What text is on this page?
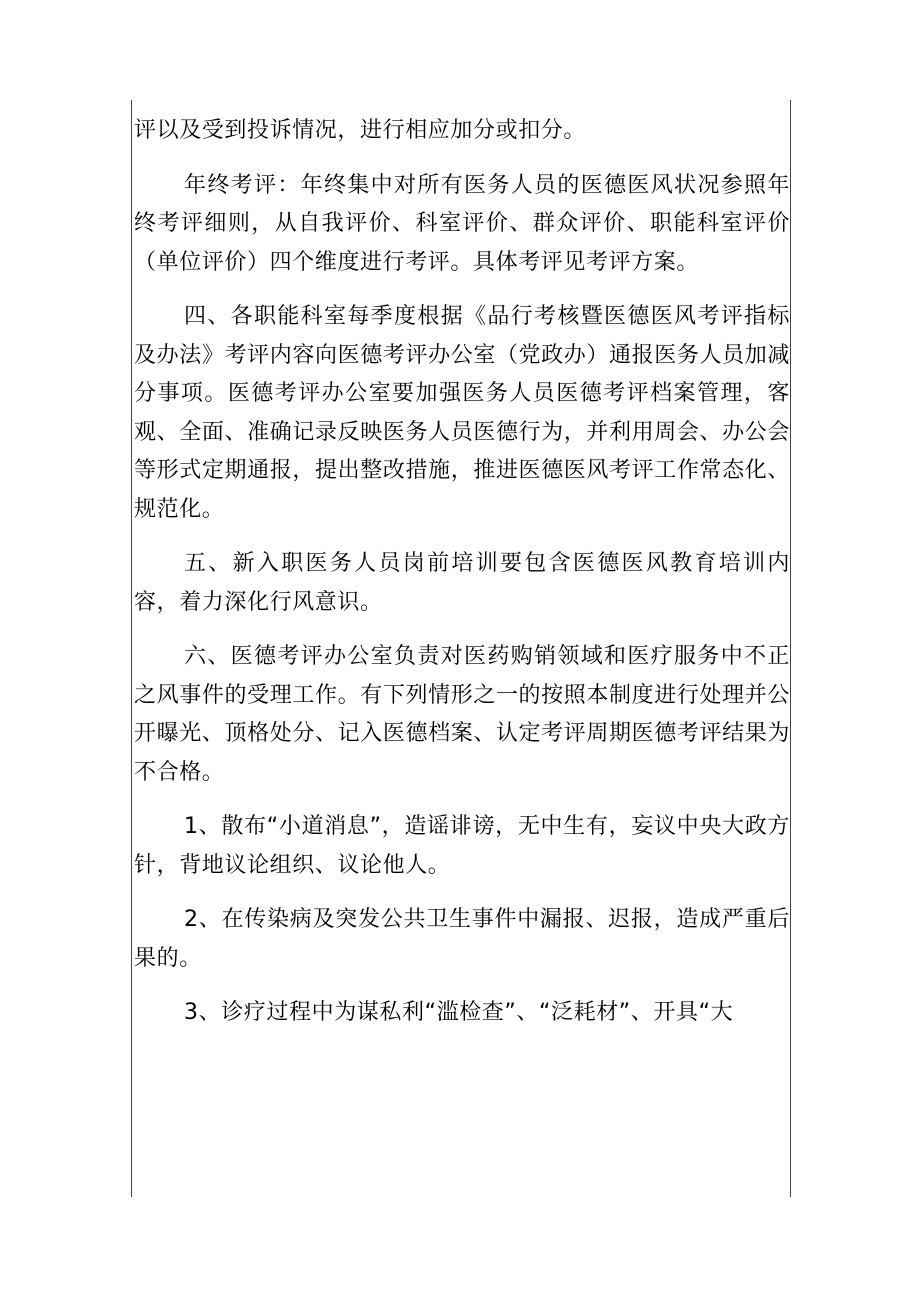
评以及受到投诉情况，进行相应加分或扣分。

年终考评：年终集中对所有医务人员的医德医风状况参照年终考评细则，从自我评价、科室评价、群众评价、职能科室评价（单位评价）四个维度进行考评。具体考评见考评方案。

四、各职能科室每季度根据《品行考核暨医德医风考评指标及办法》考评内容向医德考评办公室（党政办）通报医务人员加减分事项。医德考评办公室要加强医务人员医德考评档案管理，客观、全面、准确记录反映医务人员医德行为，并利用周会、办公会等形式定期通报，提出整改措施，推进医德医风考评工作常态化、规范化。

五、新入职医务人员岗前培训要包含医德医风教育培训内容，着力深化行风意识。

六、医德考评办公室负责对医药购销领域和医疗服务中不正之风事件的受理工作。有下列情形之一的按照本制度进行处理并公开曝光、顶格处分、记入医德档案、认定考评周期医德考评结果为不合格。

1、散布“小道消息”，造谣诽谤，无中生有，妄议中央大政方针，背地议论组织、议论他人。

2、在传染病及突发公共卫生事件中漏报、迟报，造成严重后果的。

3、诊疗过程中为谋私利“滥检查”、“泛耗材”、开具“大
